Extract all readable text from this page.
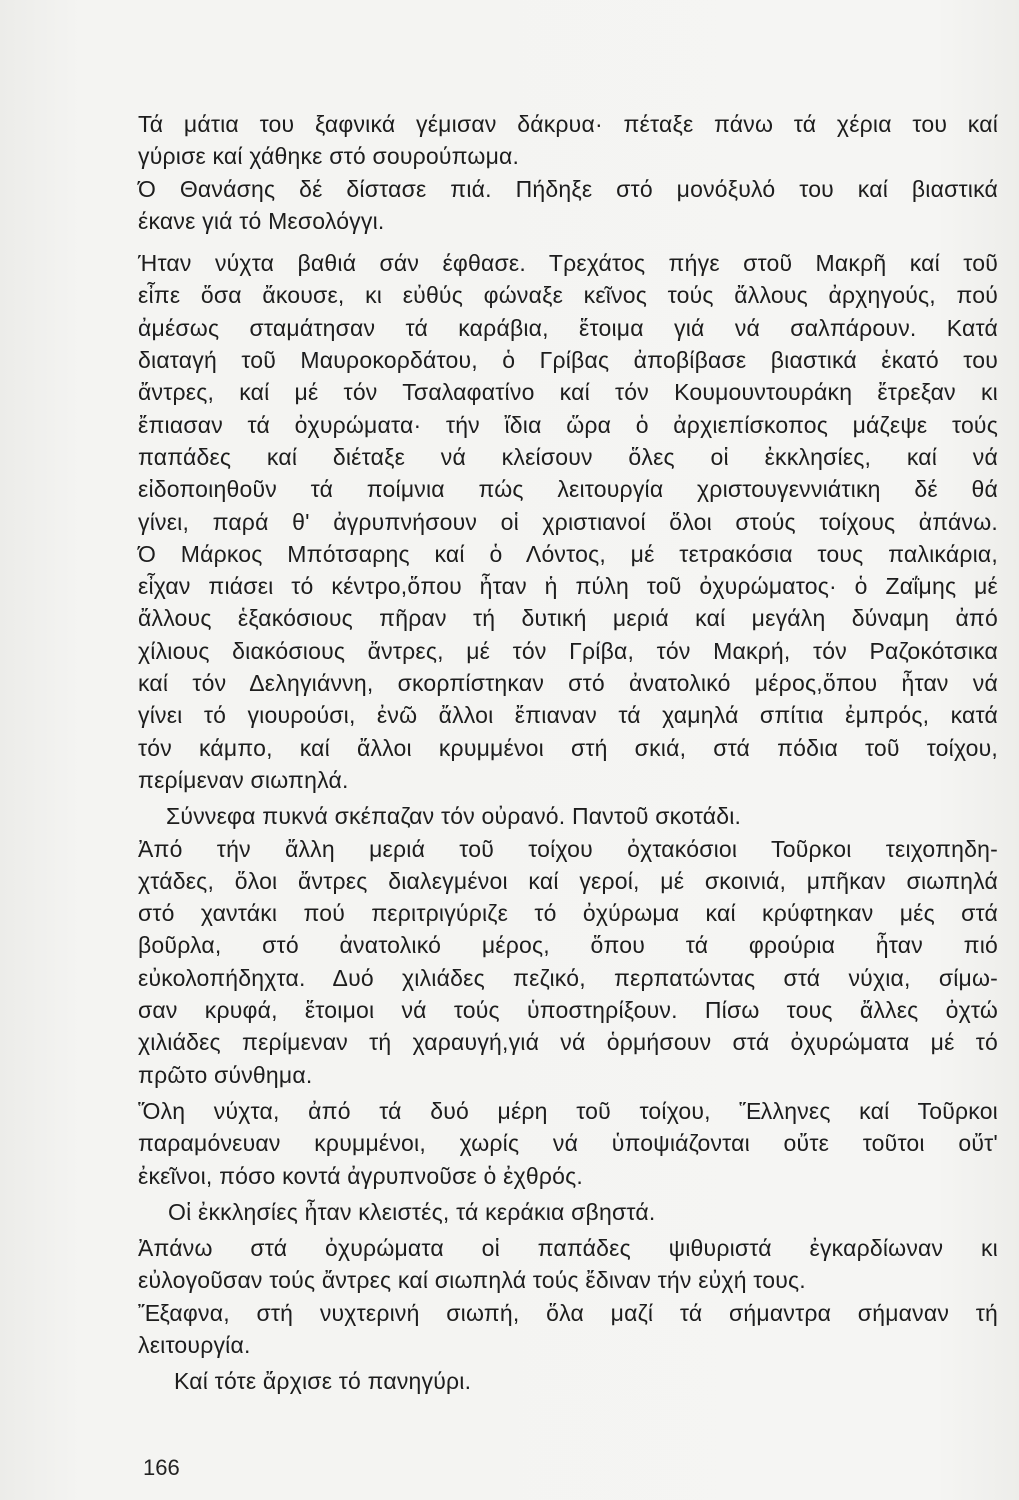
Τά μάτια του ξαφνικά γέμισαν δάκρυα· πέταξε πάνω τά χέρια του καί
γύρισε καί χάθηκε στό σουρούπωμα.
Ό Θανάσης δέ δίστασε πιά. Πήδηξε στό μονόξυλό του καί βιαστικά
έκανε γιά τό Μεσολόγγι.
Ήταν νύχτα βαθιά σάν έφθασε. Τρεχάτος πήγε στοῦ Μακρῆ καί τοῦ
εἶπε ὅσα ἄκουσε, κι εὐθύς φώναξε κεῖνος τούς ἄλλους ἀρχηγούς, πού
ἀμέσως σταμάτησαν τά καράβια, ἕτοιμα γιά νά σαλπάρουν. Κατά
διαταγή τοῦ Μαυροκορδάτου, ὁ Γρίβας ἀποβίβασε βιαστικά ἑκατό του
ἄντρες, καί μέ τόν Τσαλαφατίνο καί τόν Κουμουντουράκη ἔτρεξαν κι
ἔπιασαν τά ὀχυρώματα· τήν ἴδια ὥρα ὁ ἀρχιεπίσκοπος μάζεψε τούς
παπάδες καί διέταξε νά κλείσουν ὅλες οἱ ἐκκλησίες, καί νά
εἰδοποιηθοῦν τά ποίμνια πώς λειτουργία χριστουγεννιάτικη δέ θά
γίνει, παρά θ' ἀγρυπνήσουν οἱ χριστιανοί ὅλοι στούς τοίχους ἀπάνω.
Ό Μάρκος Μπότσαρης καί ὁ Λόντος, μέ τετρακόσια τους παλικάρια,
εἶχαν πιάσει τό κέντρο,ὅπου ἦταν ἡ πύλη τοῦ ὀχυρώματος· ὁ Ζαΐμης μέ
ἄλλους ἑξακόσιους πῆραν τή δυτική μεριά καί μεγάλη δύναμη ἀπό
χίλιους διακόσιους ἄντρες, μέ τόν Γρίβα, τόν Μακρή, τόν Ραζοκότσικα
καί τόν Δεληγιάννη, σκορπίστηκαν στό ἀνατολικό μέρος,ὅπου ἦταν νά
γίνει τό γιουρούσι, ἐνῶ ἄλλοι ἔπιαναν τά χαμηλά σπίτια ἐμπρός, κατά
τόν κάμπο, καί ἄλλοι κρυμμένοι στή σκιά, στά πόδια τοῦ τοίχου,
περίμεναν σιωπηλά.
Σύννεφα πυκνά σκέπαζαν τόν οὐρανό. Παντοῦ σκοτάδι.
Ἀπό τήν ἄλλη μεριά τοῦ τοίχου ὀχτακόσιοι Τοῦρκοι τειχοπηδη-
χτάδες, ὅλοι ἄντρες διαλεγμένοι καί γεροί, μέ σκοινιά, μπῆκαν σιωπηλά
στό χαντάκι πού περιτριγύριζε τό ὀχύρωμα καί κρύφτηκαν μές στά
βοῦρλα, στό ἀνατολικό μέρος, ὅπου τά φρούρια ἦταν πιό
εὐκολοπήδηχτα. Δυό χιλιάδες πεζικό, περπατώντας στά νύχια, σίμω-
σαν κρυφά, ἕτοιμοι νά τούς ὑποστηρίξουν. Πίσω τους ἄλλες ὀχτώ
χιλιάδες περίμεναν τή χαραυγή,γιά νά ὁρμήσουν στά ὀχυρώματα μέ τό
πρῶτο σύνθημα.
Ὅλη νύχτα, ἀπό τά δυό μέρη τοῦ τοίχου, Ἕλληνες καί Τοῦρκοι
παραμόνευαν κρυμμένοι, χωρίς νά ὑποψιάζονται οὔτε τοῦτοι οὔτ'
ἐκεῖνοι, πόσο κοντά ἀγρυπνοῦσε ὁ ἐχθρός.
Οἱ ἐκκλησίες ἦταν κλειστές, τά κεράκια σβηστά.
Ἀπάνω στά ὀχυρώματα οἱ παπάδες ψιθυριστά ἐγκαρδίωναν κι
εὐλογοῦσαν τούς ἄντρες καί σιωπηλά τούς ἔδιναν τήν εὐχή τους.
Ἔξαφνα, στή νυχτερινή σιωπή, ὅλα μαζί τά σήμαντρα σήμαναν τή
λειτουργία.
Καί τότε ἄρχισε τό πανηγύρι.
166
